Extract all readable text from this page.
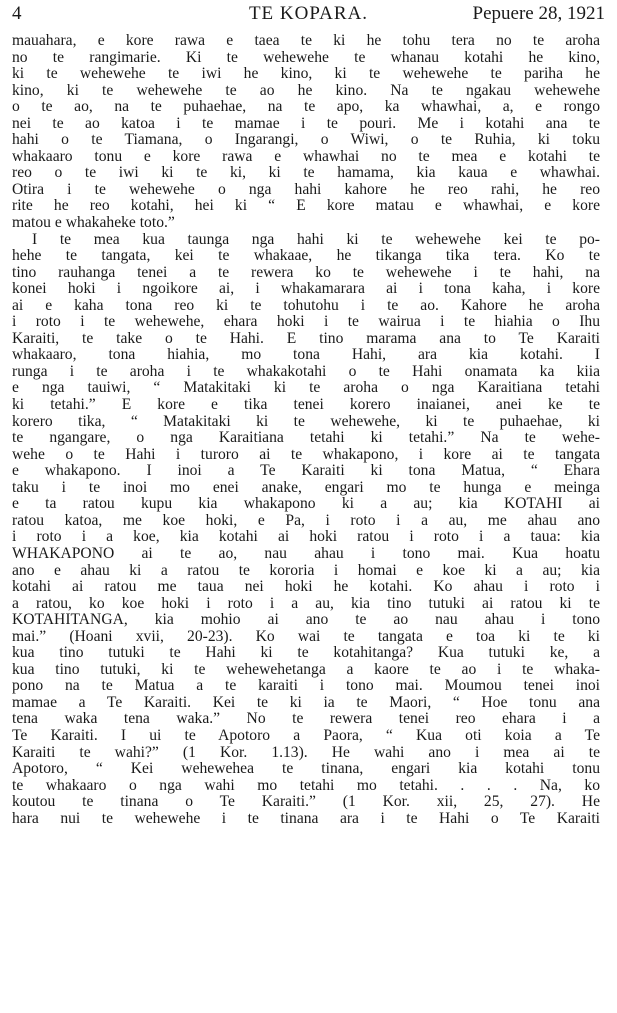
4	TE KOPARA.	Pepuere 28, 1921
mauahara, e kore rawa e taea te ki he tohu tera no te aroha
no te rangimarie. Ki te wehewehe te whanau kotahi he kino,
ki te wehewehe te iwi he kino, ki te wehewehe te pariha he
kino, ki te wehewehe te ao he kino. Na te ngakau wehewehe
o te ao, na te puhaehae, na te apo, ka whawhai, a, e rongo
nei te ao katoa i te mamae i te pouri. Me i kotahi ana te
hahi o te Tiamana, o Ingarangi, o Wiwi, o te Ruhia, ki toku
whakaaro tonu e kore rawa e whawhai no te mea e kotahi te
reo o te iwi ki te ki, ki te hamama, kia kaua e whawhai.
Otira i te wehewehe o nga hahi kahore he reo rahi, he reo
rite he reo kotahi, hei ki “ E kore matau e whawhai, e kore
matou e whakaheke toto.”
I te mea kua taunga nga hahi ki te wehewehe kei te po-
hehe te tangata, kei te whakaae, he tikanga tika tera. Ko te
tino rauhanga tenei a te rewera ko te wehewehe i te hahi, na
konei hoki i ngoikore ai, i whakamarara ai i tona kaha, i kore
ai e kaha tona reo ki te tohutohu i te ao. Kahore he aroha
i roto i te wehewehe, ehara hoki i te wairua i te hiahia o Ihu
Karaiti, te take o te Hahi. E tino marama ana to Te Karaiti
whakaaro, tona hiahia, mo tona Hahi, ara kia kotahi. I
runga i te aroha i te whakakotahi o te Hahi onamata ka kiia
e nga tauiwi, “ Matakitaki ki te aroha o nga Karaitiana tetahi
ki tetahi.” E kore e tika tenei korero inaianei, anei ke te
korero tika, “ Matakitaki ki te wehewehe, ki te puhaehae, ki
te ngangare, o nga Karaitiana tetahi ki tetahi.” Na te wehe-
wehe o te Hahi i turoro ai te whakapono, i kore ai te tangata
e whakapono. I inoi a Te Karaiti ki tona Matua, “ Ehara
taku i te inoi mo enei anake, engari mo te hunga e meinga
e ta ratou kupu kia whakapono ki a au; kia KOTAHI ai
ratou katoa, me koe hoki, e Pa, i roto i a au, me ahau ano
i roto i a koe, kia kotahi ai hoki ratou i roto i a taua: kia
WHAKAPONO ai te ao, nau ahau i tono mai. Kua hoatu
ano e ahau ki a ratou te kororia i homai e koe ki a au; kia
kotahi ai ratou me taua nei hoki he kotahi. Ko ahau i roto i
a ratou, ko koe hoki i roto i a au, kia tino tutuki ai ratou ki te
KOTAHITANGA, kia mohio ai ano te ao nau ahau i tono
mai.” (Hoani xvii, 20-23). Ko wai te tangata e toa ki te ki
kua tino tutuki te Hahi ki te kotahitanga? Kua tutuki ke, a
kua tino tutuki, ki te wehewehetanga a kaore te ao i te whaka-
pono na te Matua a te karaiti i tono mai. Moumou tenei inoi
mamae a Te Karaiti. Kei te ki ia te Maori, “ Hoe tonu ana
tena waka tena waka.” No te rewera tenei reo ehara i a
Te Karaiti. I ui te Apotoro a Paora, “ Kua oti koia a Te
Karaiti te wahi?” (1 Kor. 1.13). He wahi ano i mea ai te
Apotoro, “ Kei wehewehea te tinana, engari kia kotahi tonu
te whakaaro o nga wahi mo tetahi mo tetahi. . . . Na, ko
koutou te tinana o Te Karaiti.” (1 Kor. xii, 25, 27). He
hara nui te wehewehe i te tinana ara i te Hahi o Te Karaiti
